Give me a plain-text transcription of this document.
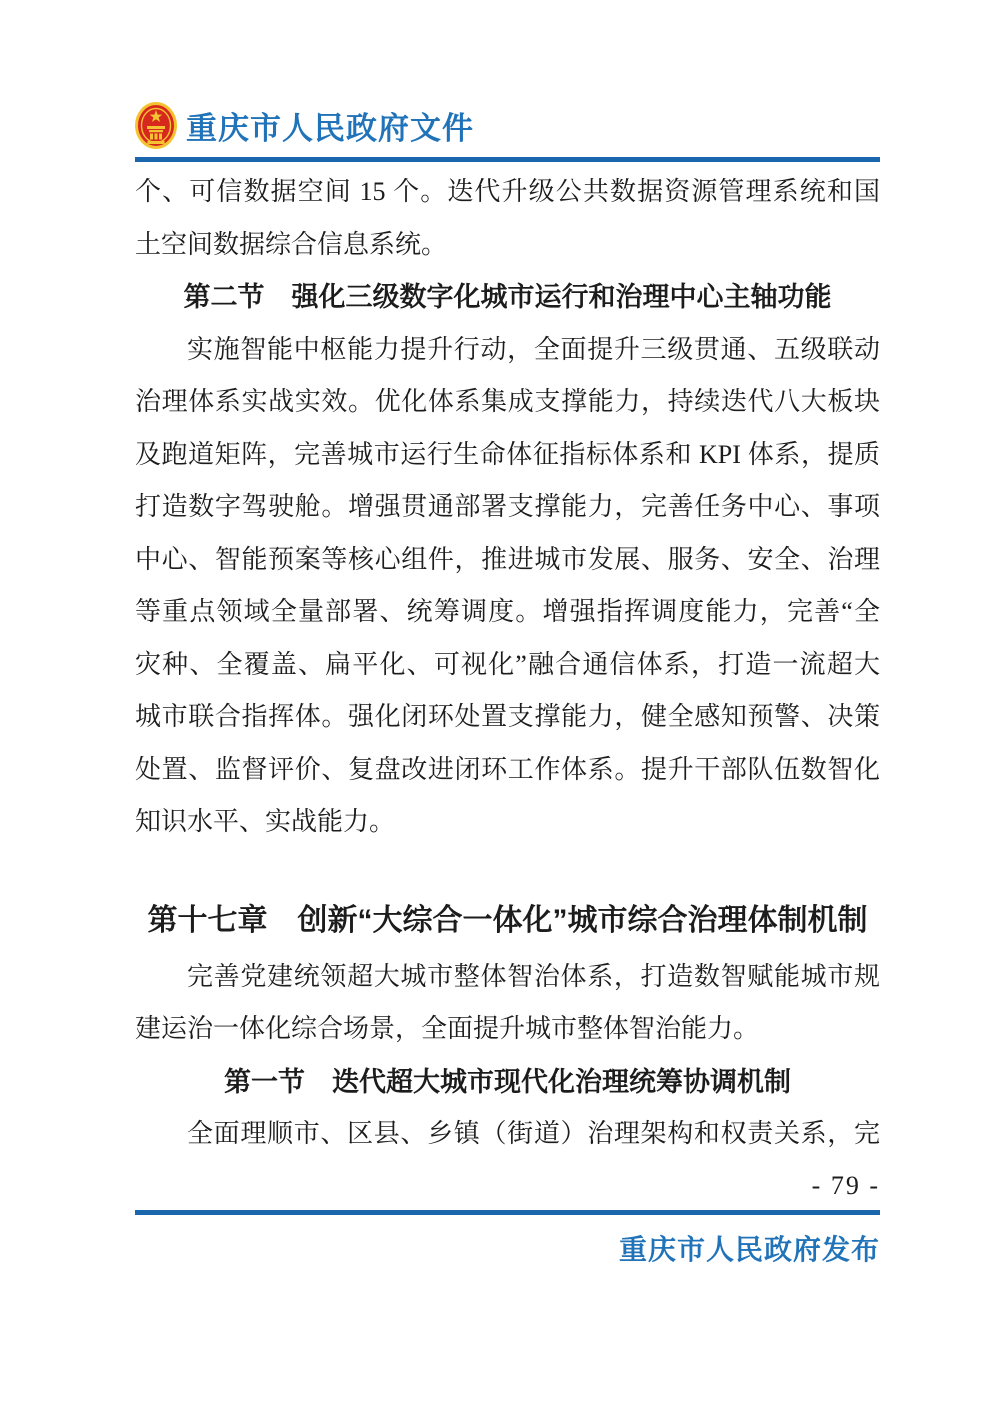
重庆市人民政府文件
个、可信数据空间 15 个。迭代升级公共数据资源管理系统和国
土空间数据综合信息系统。
第二节　强化三级数字化城市运行和治理中心主轴功能
实施智能中枢能力提升行动，全面提升三级贯通、五级联动
治理体系实战实效。优化体系集成支撑能力，持续迭代八大板块
及跑道矩阵，完善城市运行生命体征指标体系和 KPI 体系，提质
打造数字驾驶舱。增强贯通部署支撑能力，完善任务中心、事项
中心、智能预案等核心组件，推进城市发展、服务、安全、治理
等重点领域全量部署、统筹调度。增强指挥调度能力，完善“全
灾种、全覆盖、扁平化、可视化”融合通信体系，打造一流超大
城市联合指挥体。强化闭环处置支撑能力，健全感知预警、决策
处置、监督评价、复盘改进闭环工作体系。提升干部队伍数智化
知识水平、实战能力。
第十七章　创新“大综合一体化”城市综合治理体制机制
完善党建统领超大城市整体智治体系，打造数智赋能城市规
建运治一体化综合场景，全面提升城市整体智治能力。
第一节　迭代超大城市现代化治理统筹协调机制
全面理顺市、区县、乡镇（街道）治理架构和权责关系，完
- 79 -
重庆市人民政府发布
